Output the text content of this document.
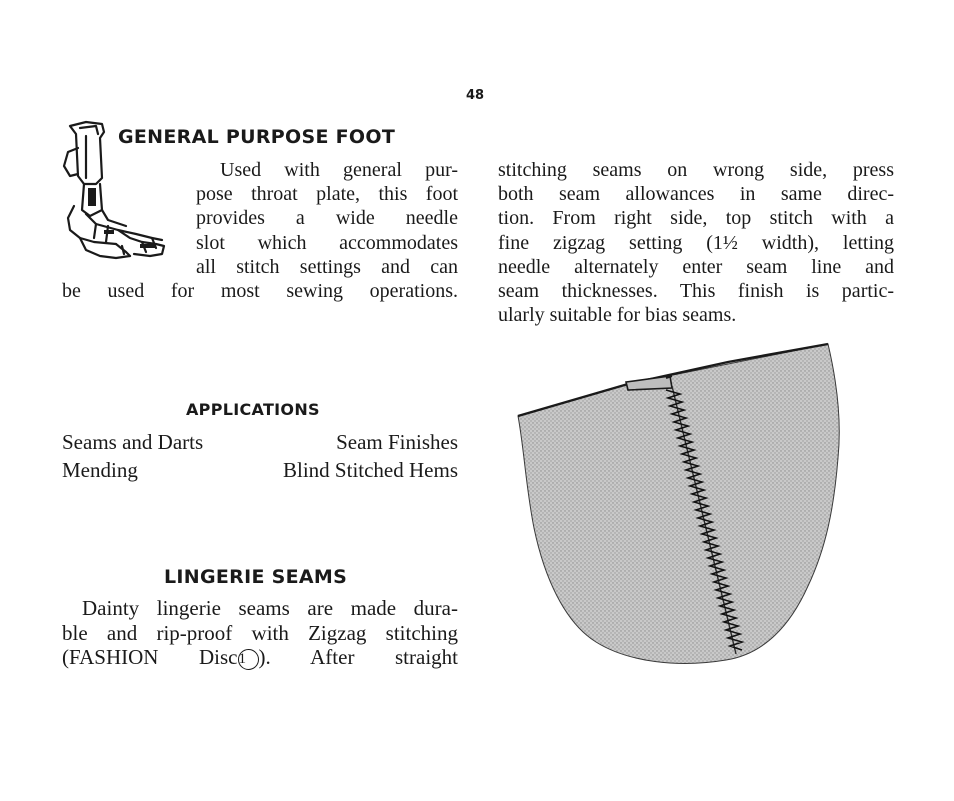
48
GENERAL PURPOSE FOOT
Used with general pur-
pose throat plate, this foot
provides a wide needle
slot which accommodates
all stitch settings and can
be used for most sewing operations.
APPLICATIONS
Seams and Darts	Seam Finishes
Mending	Blind Stitched Hems
LINGERIE SEAMS
Dainty lingerie seams are made dura-
ble and rip-proof with Zigzag stitching
(FASHION Disc1 ). After straight
stitching seams on wrong side, press
both seam allowances in same direc-
tion. From right side, top stitch with a
fine zigzag setting (1½ width), letting
needle alternately enter seam line and
seam thicknesses. This finish is partic-
ularly suitable for bias seams.
